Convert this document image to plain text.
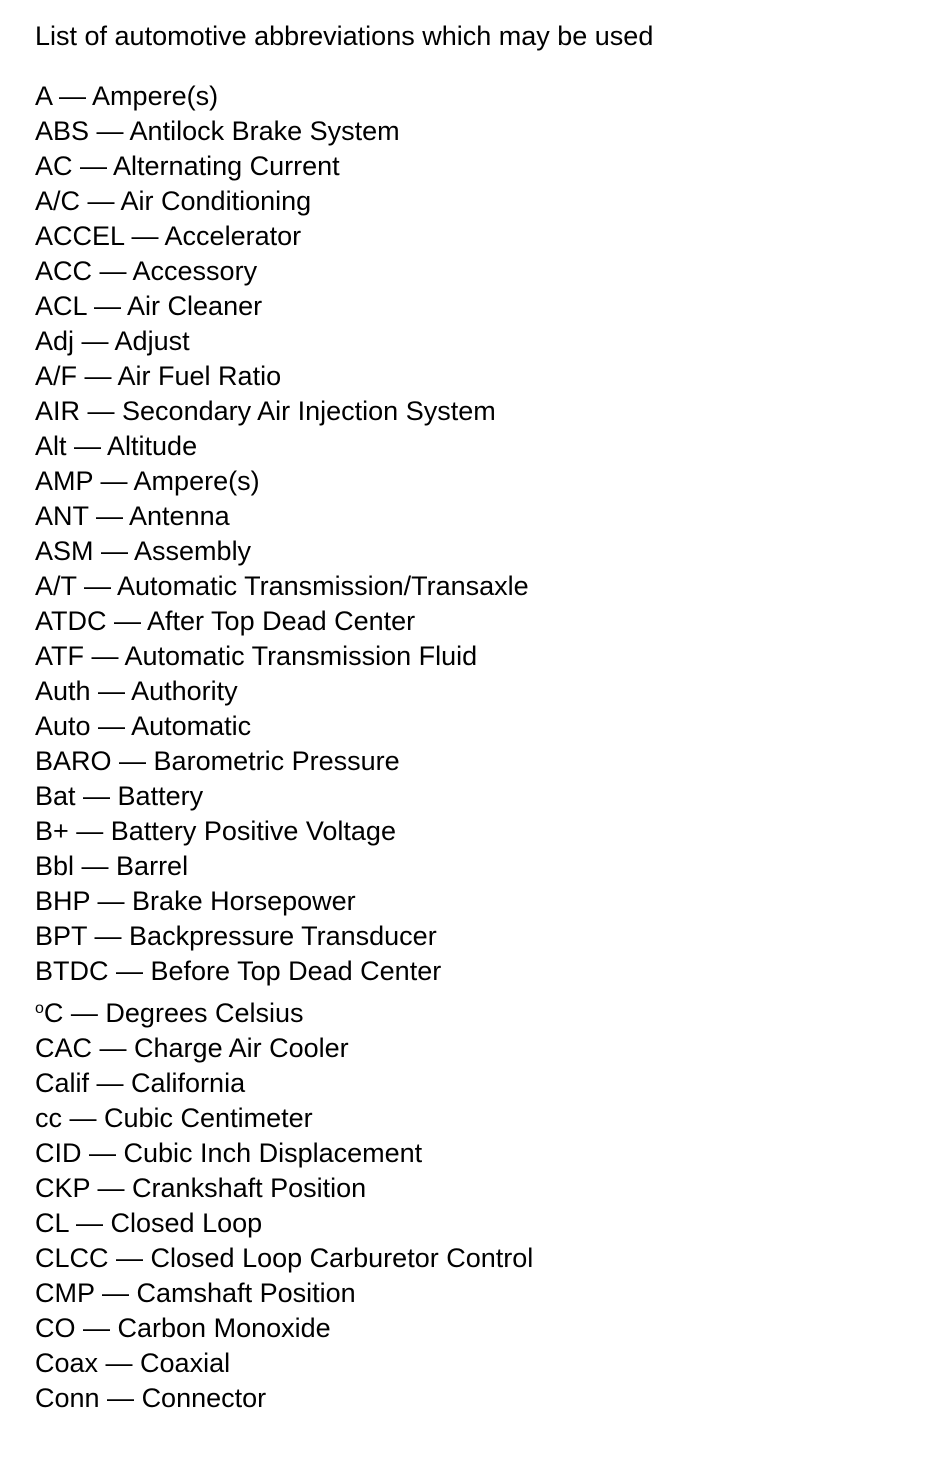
List of automotive abbreviations which may be used
A — Ampere(s)
ABS — Antilock Brake System
AC — Alternating Current
A/C — Air Conditioning
ACCEL — Accelerator
ACC — Accessory
ACL — Air Cleaner
Adj — Adjust
A/F — Air Fuel Ratio
AIR — Secondary Air Injection System
Alt — Altitude
AMP — Ampere(s)
ANT — Antenna
ASM — Assembly
A/T — Automatic Transmission/Transaxle
ATDC — After Top Dead Center
ATF — Automatic Transmission Fluid
Auth — Authority
Auto — Automatic
BARO — Barometric Pressure
Bat — Battery
B+ — Battery Positive Voltage
Bbl — Barrel
BHP — Brake Horsepower
BPT — Backpressure Transducer
BTDC — Before Top Dead Center
$^o$C — Degrees Celsius
CAC — Charge Air Cooler
Calif — California
cc — Cubic Centimeter
CID — Cubic Inch Displacement
CKP — Crankshaft Position
CL — Closed Loop
CLCC — Closed Loop Carburetor Control
CMP — Camshaft Position
CO — Carbon Monoxide
Coax — Coaxial
Conn — Connector
